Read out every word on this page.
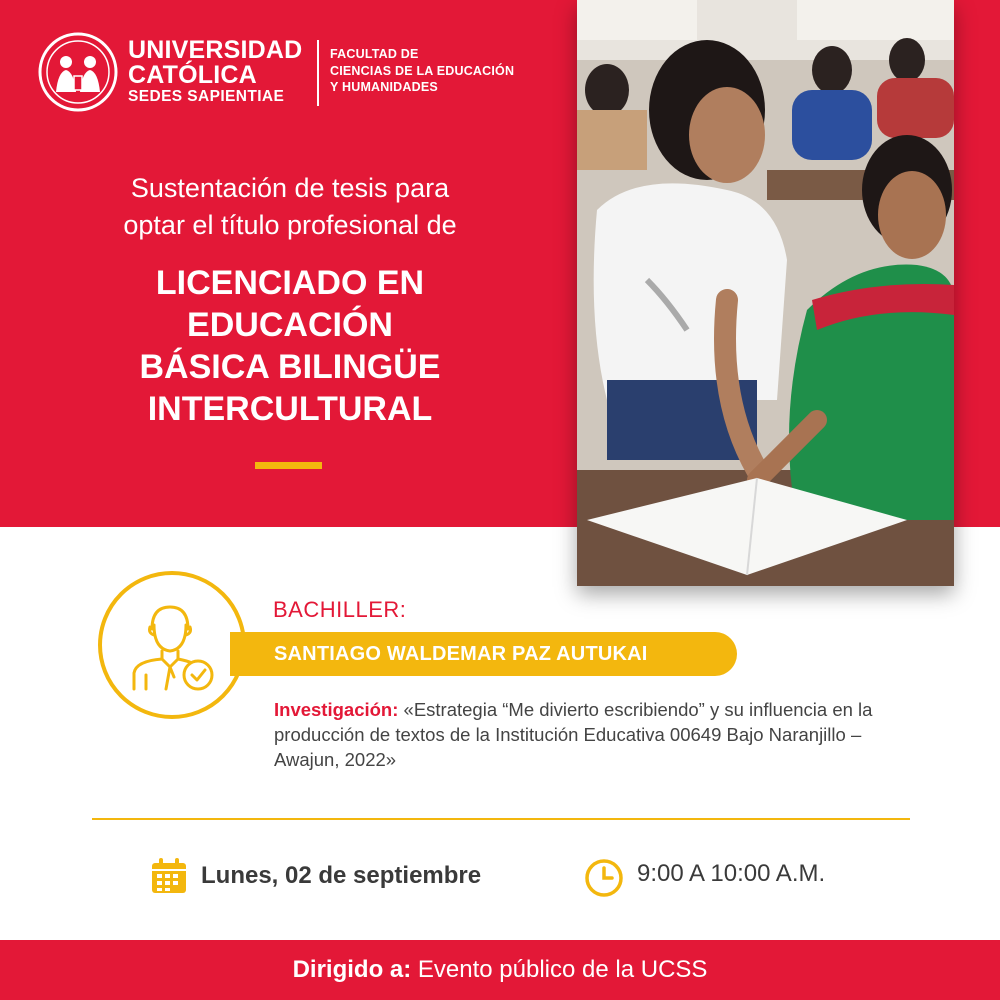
UNIVERSIDAD
CATÓLICA
SEDES SAPIENTIAE
FACULTAD DE
CIENCIAS DE LA EDUCACIÓN
Y HUMANIDADES
Sustentación de tesis para
optar el título profesional de
LICENCIADO EN
EDUCACIÓN
BÁSICA BILINGÜE
INTERCULTURAL
BACHILLER:
SANTIAGO WALDEMAR PAZ AUTUKAI
Investigación: «Estrategia “Me divierto escribiendo” y su influencia en la producción de textos de la Institución Educativa 00649 Bajo Naranjillo – Awajun, 2022»
Lunes, 02 de septiembre	9:00 A 10:00 A.M.
Dirigido a: Evento público de la UCSS
